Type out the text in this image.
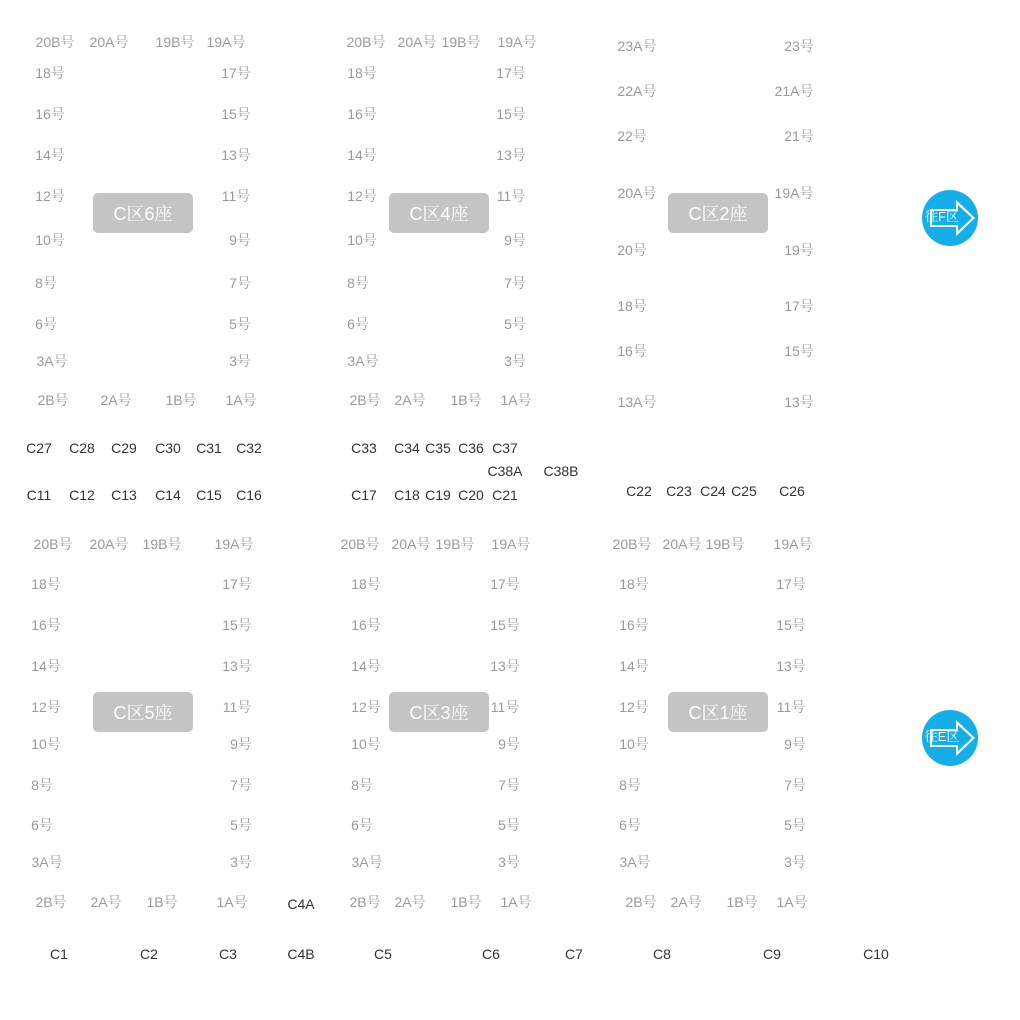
20B号 20A号 19B号 19A号
18号	17号
16号	15号
14号	13号
12号	11号
10号	9号
8号	7号
6号	5号
3A号	3号
2B号 2A号 1B号 1A号
C区6座
20B号 20A号 19B号 19A号
18号	17号
16号	15号
14号	13号
12号	11号
10号	9号
8号	7号
6号	5号
3A号	3号
2B号 2A号 1B号 1A号
C区4座
23A号	23号
22A号	21A号
22号	21号
20A号	19A号
20号	19号
18号	17号
16号	15号
13A号	13号
C区2座	往F区
C27 C28 C29 C30 C31 C32	C33 C34 C35 C36 C37
C38A C38B
C11 C12 C13 C14 C15 C16	C17 C18 C19 C20 C21	C22 C23 C24 C25 C26
20B号 20A号 19B号 19A号
18号	17号
16号	15号
14号	13号
12号	11号
10号	9号
8号	7号
6号	5号
3A号	3号
2B号 2A号 1B号	1A号
C区5座
20B号 20A号 19B号 19A号
18号	17号
16号	15号
14号	13号
12号	11号
10号	9号
8号	7号
6号	5号
3A号	3号
2B号 2A号 1B号 1A号
C区3座
20B号 20A号 19B号 19A号
18号	17号
16号	15号
14号	13号
12号	11号
10号	9号
8号	7号
6号	5号
3A号	3号
2B号 2A号 1B号 1A号
C区1座
往E区
C4A
C1	C2	C3	C4B	C5	C6	C7	C8	C9	C10
